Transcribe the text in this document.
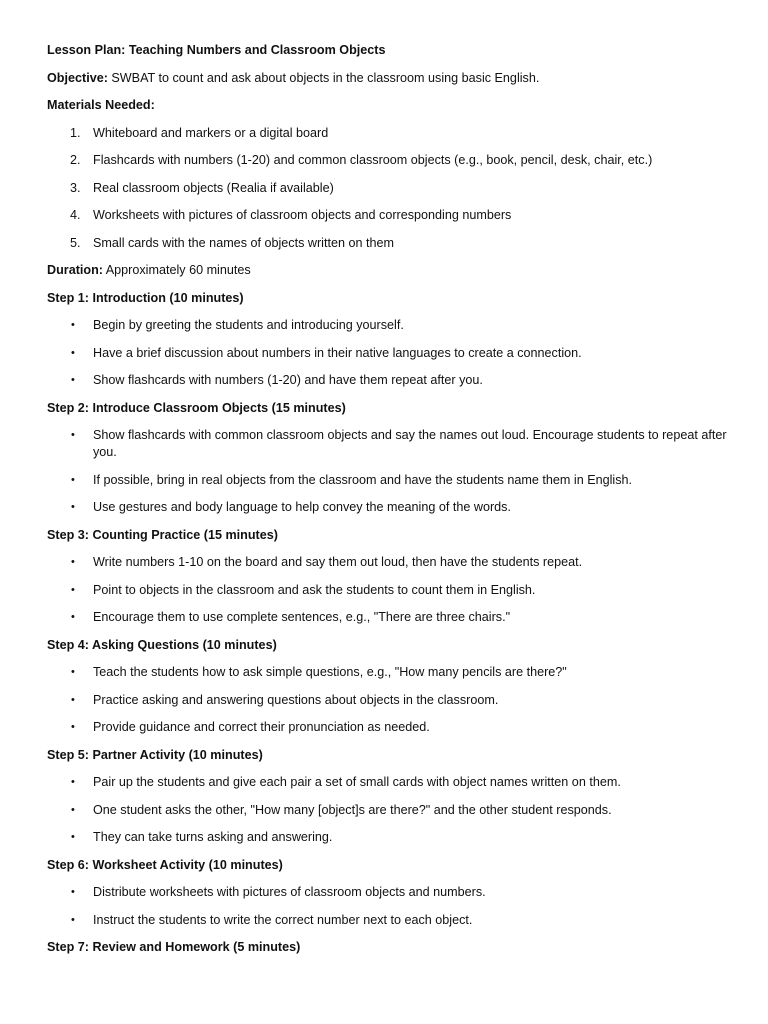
Lesson Plan: Teaching Numbers and Classroom Objects
Objective: SWBAT to count and ask about objects in the classroom using basic English.
Materials Needed:
1. Whiteboard and markers or a digital board
2. Flashcards with numbers (1-20) and common classroom objects (e.g., book, pencil, desk, chair, etc.)
3. Real classroom objects (Realia if available)
4. Worksheets with pictures of classroom objects and corresponding numbers
5. Small cards with the names of objects written on them
Duration: Approximately 60 minutes
Step 1: Introduction (10 minutes)
• Begin by greeting the students and introducing yourself.
• Have a brief discussion about numbers in their native languages to create a connection.
• Show flashcards with numbers (1-20) and have them repeat after you.
Step 2: Introduce Classroom Objects (15 minutes)
• Show flashcards with common classroom objects and say the names out loud. Encourage students to repeat after you.
• If possible, bring in real objects from the classroom and have the students name them in English.
• Use gestures and body language to help convey the meaning of the words.
Step 3: Counting Practice (15 minutes)
• Write numbers 1-10 on the board and say them out loud, then have the students repeat.
• Point to objects in the classroom and ask the students to count them in English.
• Encourage them to use complete sentences, e.g., "There are three chairs."
Step 4: Asking Questions (10 minutes)
• Teach the students how to ask simple questions, e.g., "How many pencils are there?"
• Practice asking and answering questions about objects in the classroom.
• Provide guidance and correct their pronunciation as needed.
Step 5: Partner Activity (10 minutes)
• Pair up the students and give each pair a set of small cards with object names written on them.
• One student asks the other, "How many [object]s are there?" and the other student responds.
• They can take turns asking and answering.
Step 6: Worksheet Activity (10 minutes)
• Distribute worksheets with pictures of classroom objects and numbers.
• Instruct the students to write the correct number next to each object.
Step 7: Review and Homework (5 minutes)
